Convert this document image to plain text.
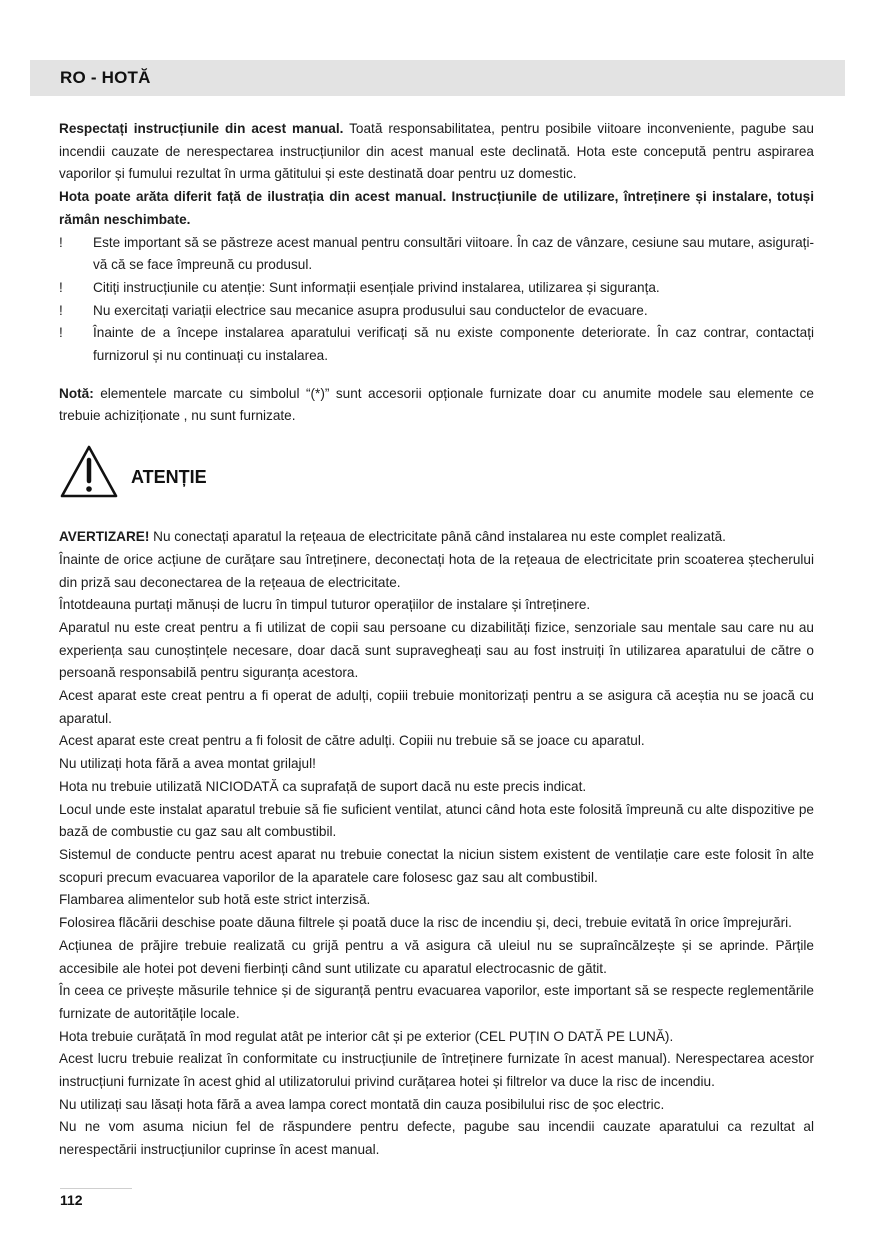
RO - HOTĂ
Respectați instrucțiunile din acest manual. Toată responsabilitatea, pentru posibile viitoare inconveniente, pagube sau incendii cauzate de nerespectarea instrucțiunilor din acest manual este declinată. Hota este concepută pentru aspirarea vaporilor și fumului rezultat în urma gătitului și este destinată doar pentru uz domestic.
Hota poate arăta diferit față de ilustrația din acest manual. Instrucțiunile de utilizare, întreținere și instalare, totuși rămân neschimbate.
! Este important să se păstreze acest manual pentru consultări viitoare. În caz de vânzare, cesiune sau mutare, asigurați-vă că se face împreună cu produsul.
! Citiți instrucțiunile cu atenție: Sunt informații esențiale privind instalarea, utilizarea și siguranța.
! Nu exercitați variații electrice sau mecanice asupra produsului sau conductelor de evacuare.
! Înainte de a începe instalarea aparatului verificați să nu existe componente deteriorate. În caz contrar, contactați furnizorul și nu continuați cu instalarea.
Notă: elementele marcate cu simbolul “(*)” sunt accesorii opționale furnizate doar cu anumite modele sau elemente ce trebuie achiziționate , nu sunt furnizate.
ATENȚIE
AVERTIZARE! Nu conectați aparatul la rețeaua de electricitate până când instalarea nu este complet realizată.
Înainte de orice acțiune de curățare sau întreținere, deconectați hota de la rețeaua de electricitate prin scoaterea ștecherului din priză sau deconectarea de la rețeaua de electricitate.
Întotdeauna purtați mănuși de lucru în timpul tuturor operațiilor de instalare și întreținere.
Aparatul nu este creat pentru a fi utilizat de copii sau persoane cu dizabilități fizice, senzoriale sau mentale sau care nu au experiența sau cunoștințele necesare, doar dacă sunt supravegheați sau au fost instruiți în utilizarea aparatului de către o persoană responsabilă pentru siguranța acestora.
Acest aparat este creat pentru a fi operat de adulți, copiii trebuie monitorizați pentru a se asigura că aceștia nu se joacă cu aparatul.
Acest aparat este creat pentru a fi folosit de către adulți. Copiii nu trebuie să se joace cu aparatul.
Nu utilizați hota fără a avea montat grilajul!
Hota nu trebuie utilizată NICIODATĂ ca suprafață de suport dacă nu este precis indicat.
Locul unde este instalat aparatul trebuie să fie suficient ventilat, atunci când hota este folosită împreună cu alte dispozitive pe bază de combustie cu gaz sau alt combustibil.
Sistemul de conducte pentru acest aparat nu trebuie conectat la niciun sistem existent de ventilație care este folosit în alte scopuri precum evacuarea vaporilor de la aparatele care folosesc gaz sau alt combustibil.
Flambarea alimentelor sub hotă este strict interzisă.
Folosirea flăcării deschise poate dăuna filtrele și poată duce la risc de incendiu și, deci, trebuie evitată în orice împrejurări.
Acțiunea de prăjire trebuie realizată cu grijă pentru a vă asigura că uleiul nu se supraîncălzește și se aprinde. Părțile accesibile ale hotei pot deveni fierbinți când sunt utilizate cu aparatul electrocasnic de gătit.
În ceea ce privește măsurile tehnice și de siguranță pentru evacuarea vaporilor, este important să se respecte reglementările furnizate de autoritățile locale.
Hota trebuie curățată în mod regulat atât pe interior cât și pe exterior (CEL PUȚIN O DATĂ PE LUNĂ).
Acest lucru trebuie realizat în conformitate cu instrucțiunile de întreținere furnizate în acest manual). Nerespectarea acestor instrucțiuni furnizate în acest ghid al utilizatorului privind curățarea hotei și filtrelor va duce la risc de incendiu.
Nu utilizați sau lăsați hota fără a avea lampa corect montată din cauza posibilului risc de șoc electric.
Nu ne vom asuma niciun fel de răspundere pentru defecte, pagube sau incendii cauzate aparatului ca rezultat al nerespectării instrucțiunilor cuprinse în acest manual.
112
